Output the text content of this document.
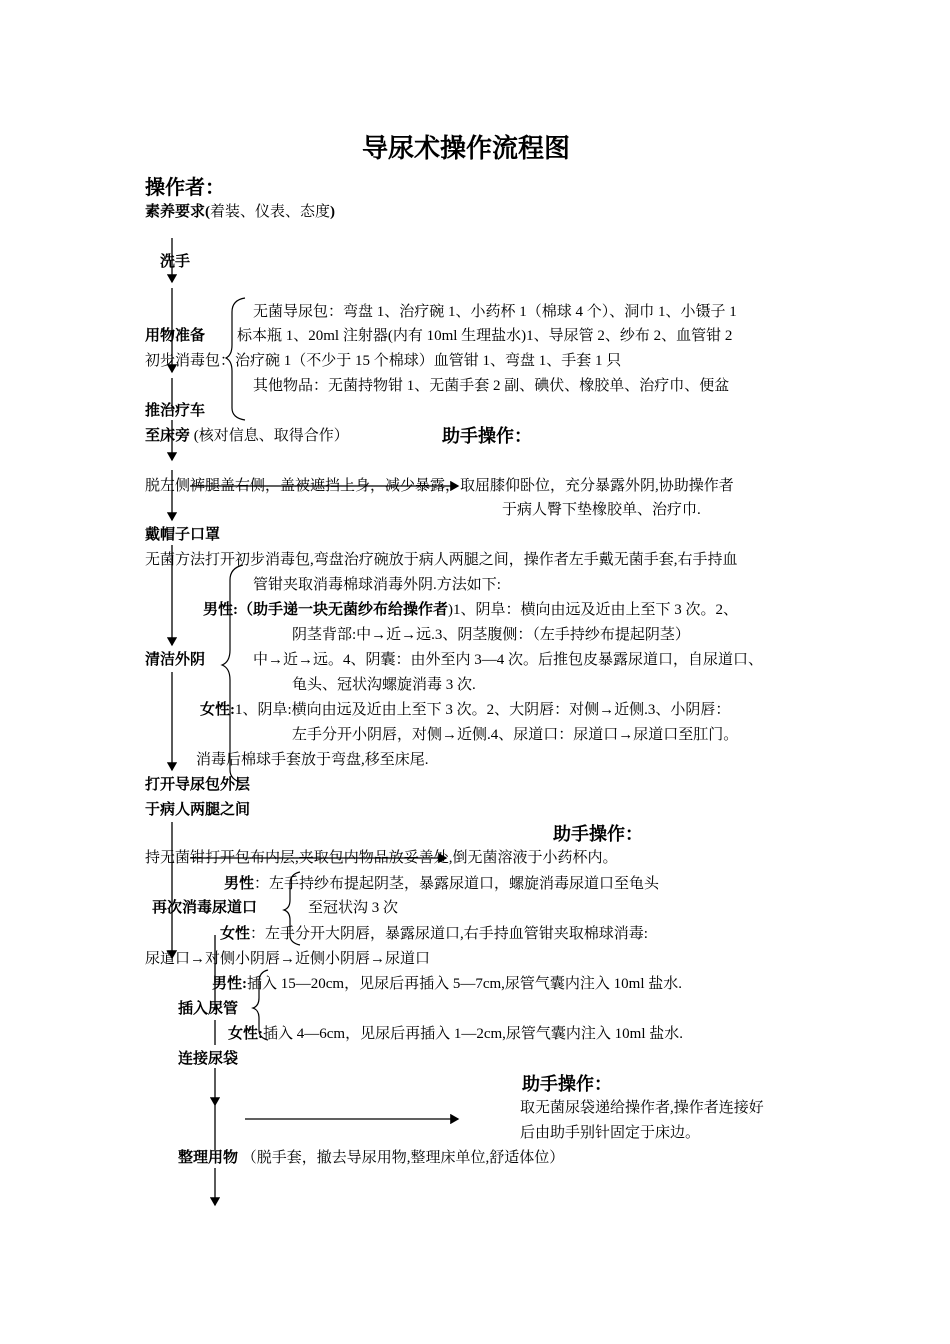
导尿术操作流程图
操作者：
素养要求(着装、仪表、态度)
洗手
无菌导尿包：弯盘 1、治疗碗 1、小药杯 1（棉球 4 个）、洞巾 1、小镊子 1
用物准备 标本瓶 1、20ml 注射器(内有 10ml 生理盐水)1、导尿管 2、纱布 2、血管钳 2
初步消毒包：治疗碗 1（不少于 15 个棉球）血管钳 1、弯盘 1、手套 1 只
其他物品：无菌持物钳 1、无菌手套 2 副、碘伏、橡胶单、治疗巾、便盆
推治疗车
至床旁 (核对信息、取得合作）	助手操作：
脱左侧裤腿盖右侧，盖被遮挡上身，减少暴露，取屈膝仰卧位，充分暴露外阴,协助操作者
于病人臀下垫橡胶单、治疗巾.
戴帽子口罩
无菌方法打开初步消毒包,弯盘治疗碗放于病人两腿之间，操作者左手戴无菌手套,右手持血
管钳夹取消毒棉球消毒外阴.方法如下:
男性:（助手递一块无菌纱布给操作者)1、阴阜：横向由远及近由上至下 3 次。2、
阴茎背部:中→近→远.3、阴茎腹侧：（左手持纱布提起阴茎）
清洁外阴	中→近→远。4、阴囊：由外至内 3—4 次。后推包皮暴露尿道口，自尿道口、
龟头、冠状沟螺旋消毒 3 次.
女性:1、阴阜:横向由远及近由上至下 3 次。2、大阴唇：对侧→近侧.3、小阴唇：
左手分开小阴唇，对侧→近侧.4、尿道口：尿道口→尿道口至肛门。
消毒后棉球手套放于弯盘,移至床尾.
打开导尿包外层
于病人两腿之间
助手操作：
持无菌钳打开包布内层,夹取包内物品放妥善处,倒无菌溶液于小药杯内。
男性：左手持纱布提起阴茎，暴露尿道口，螺旋消毒尿道口至龟头
再次消毒尿道口	至冠状沟 3 次
女性：左手分开大阴唇，暴露尿道口,右手持血管钳夹取棉球消毒:
尿道口→对侧小阴唇→近侧小阴唇→尿道口
男性:插入 15—20cm，见尿后再插入 5—7cm,尿管气囊内注入 10ml 盐水.
插入尿管
女性:插入 4—6cm，见尿后再插入 1—2cm,尿管气囊内注入 10ml 盐水.
连接尿袋
助手操作：
取无菌尿袋递给操作者,操作者连接好
后由助手别针固定于床边。
整理用物 （脱手套，撤去导尿用物,整理床单位,舒适体位）
